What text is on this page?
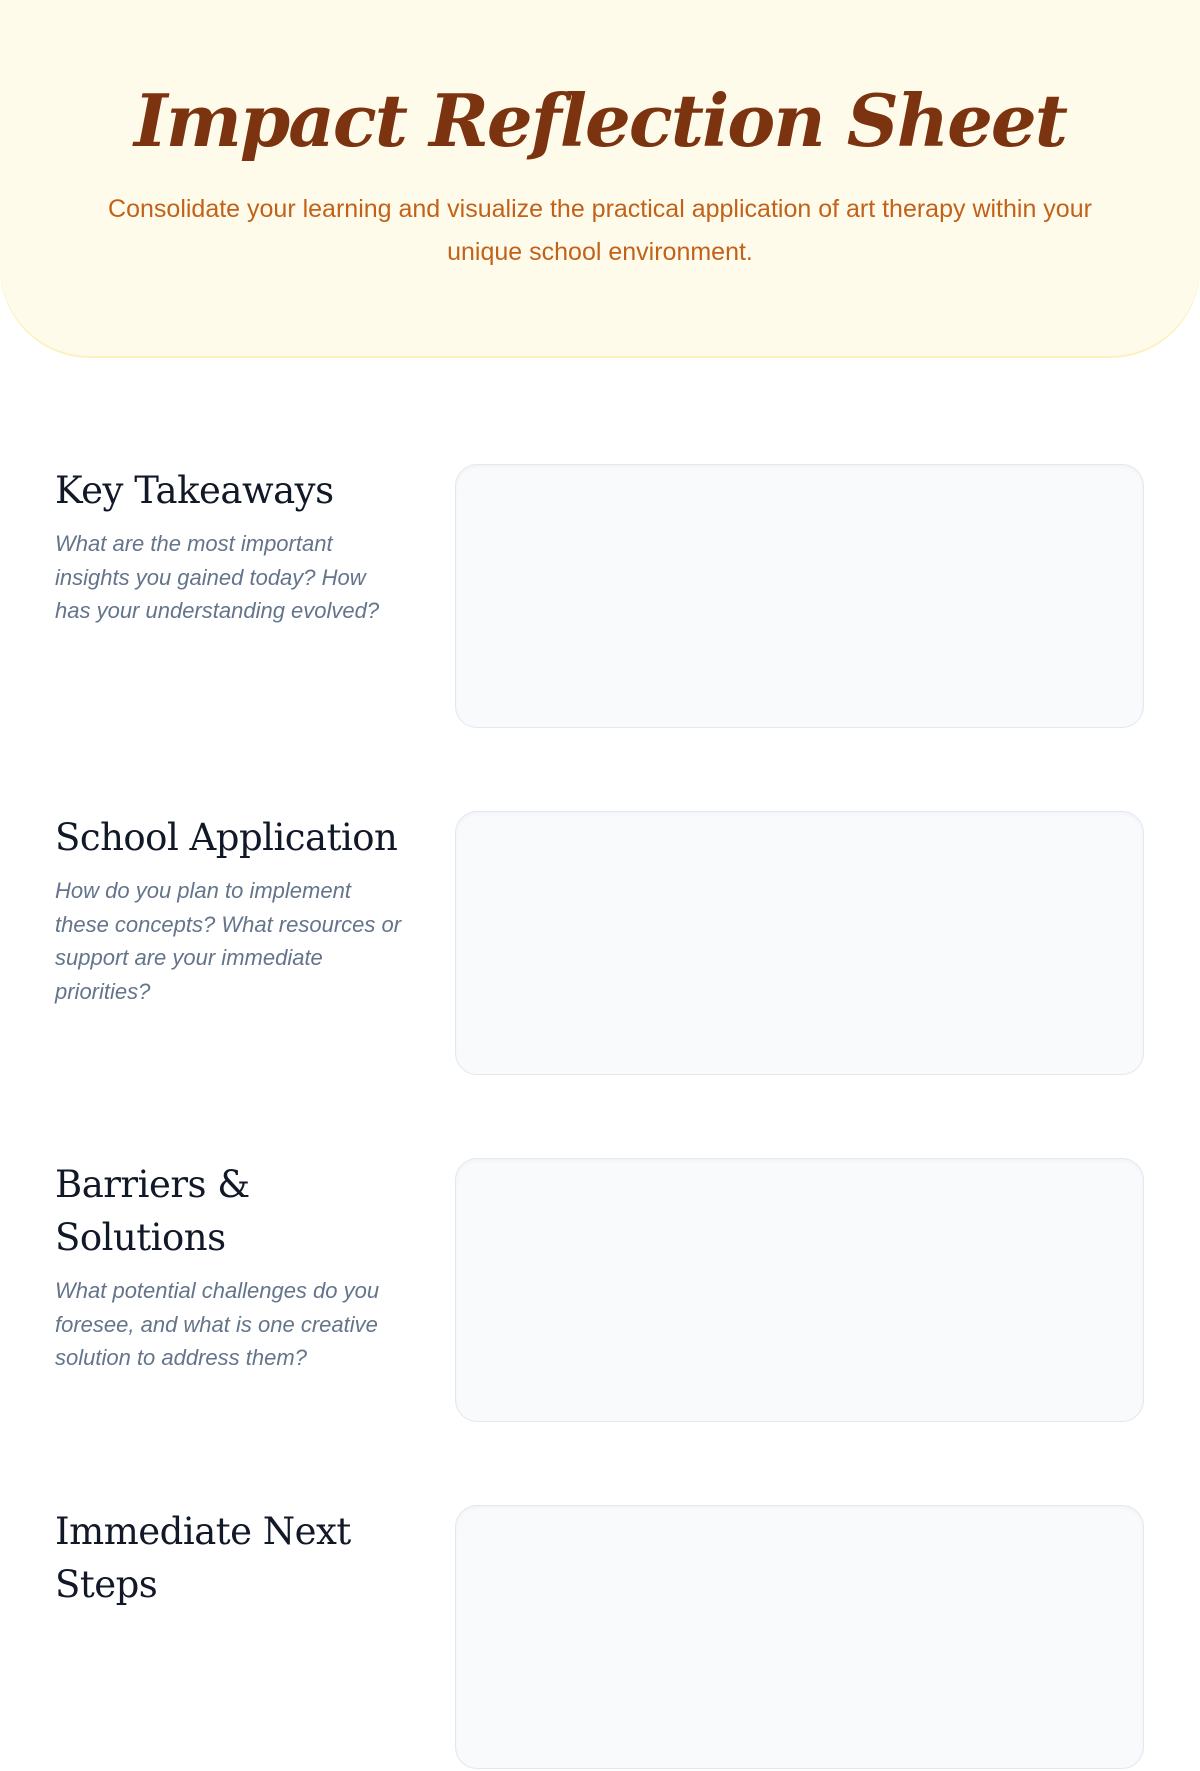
Impact Reflection Sheet

Consolidate your learning and visualize the practical application of art therapy within your unique school environment.

Key Takeaways

What are the most important insights you gained today? How has your understanding evolved?

School Application

How do you plan to implement these concepts? What resources or support are your immediate priorities?

Barriers & Solutions

What potential challenges do you foresee, and what is one creative solution to address them?

Immediate Next Steps
